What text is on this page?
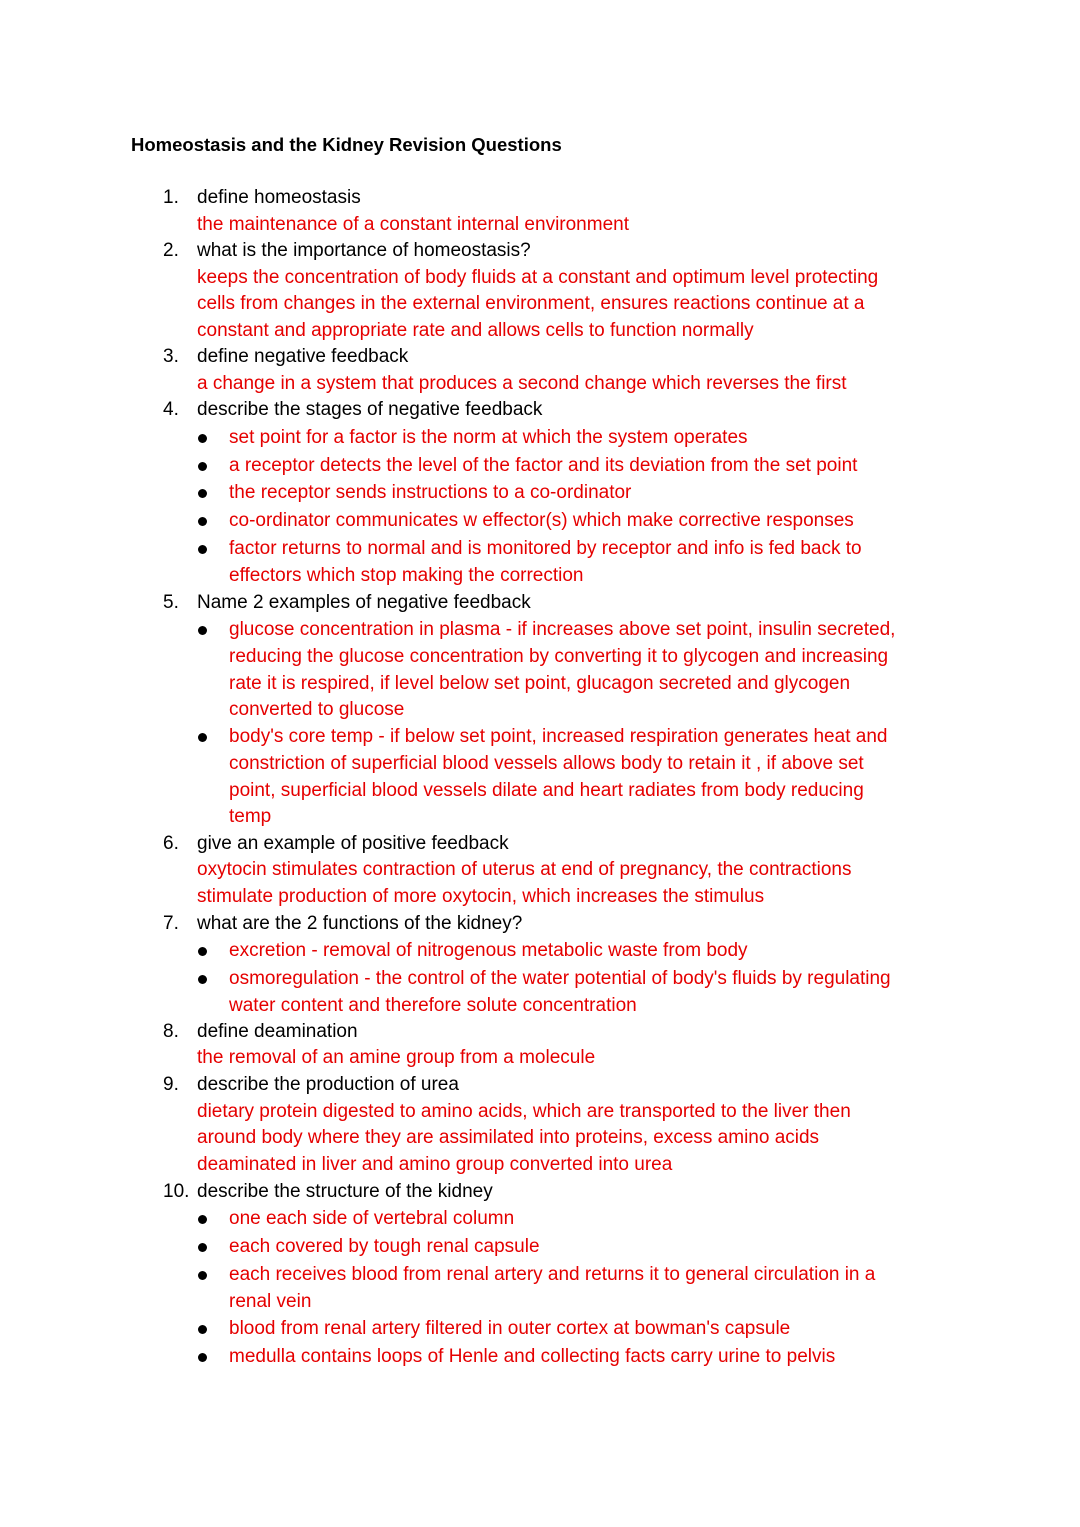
Homeostasis and the Kidney Revision Questions
1. define homeostasis
the maintenance of a constant internal environment
2. what is the importance of homeostasis?
keeps the concentration of body fluids at a constant and optimum level protecting
cells from changes in the external environment, ensures reactions continue at a
constant and appropriate rate and allows cells to function normally
3. define negative feedback
a change in a system that produces a second change which reverses the first
4. describe the stages of negative feedback
set point for a factor is the norm at which the system operates
a receptor detects the level of the factor and its deviation from the set point
the receptor sends instructions to a co-ordinator
co-ordinator communicates w effector(s) which make corrective responses
factor returns to normal and is monitored by receptor and info is fed back to
effectors which stop making the correction
5. Name 2 examples of negative feedback
glucose concentration in plasma - if increases above set point, insulin secreted,
reducing the glucose concentration by converting it to glycogen and increasing
rate it is respired, if level below set point, glucagon secreted and glycogen
converted to glucose
body's core temp - if below set point, increased respiration generates heat and
constriction of superficial blood vessels allows body to retain it , if above set
point, superficial blood vessels dilate and heart radiates from body reducing
temp
6. give an example of positive feedback
oxytocin stimulates contraction of uterus at end of pregnancy, the contractions
stimulate production of more oxytocin, which increases the stimulus
7. what are the 2 functions of the kidney?
excretion - removal of nitrogenous metabolic waste from body
osmoregulation - the control of the water potential of body's fluids by regulating
water content and therefore solute concentration
8. define deamination
the removal of an amine group from a molecule
9. describe the production of urea
dietary protein digested to amino acids, which are transported to the liver then
around body where they are assimilated into proteins, excess amino acids
deaminated in liver and amino group converted into urea
10. describe the structure of the kidney
one each side of vertebral column
each covered by tough renal capsule
each receives blood from renal artery and returns it to general circulation in a
renal vein
blood from renal artery filtered in outer cortex at bowman's capsule
medulla contains loops of Henle and collecting facts carry urine to pelvis
